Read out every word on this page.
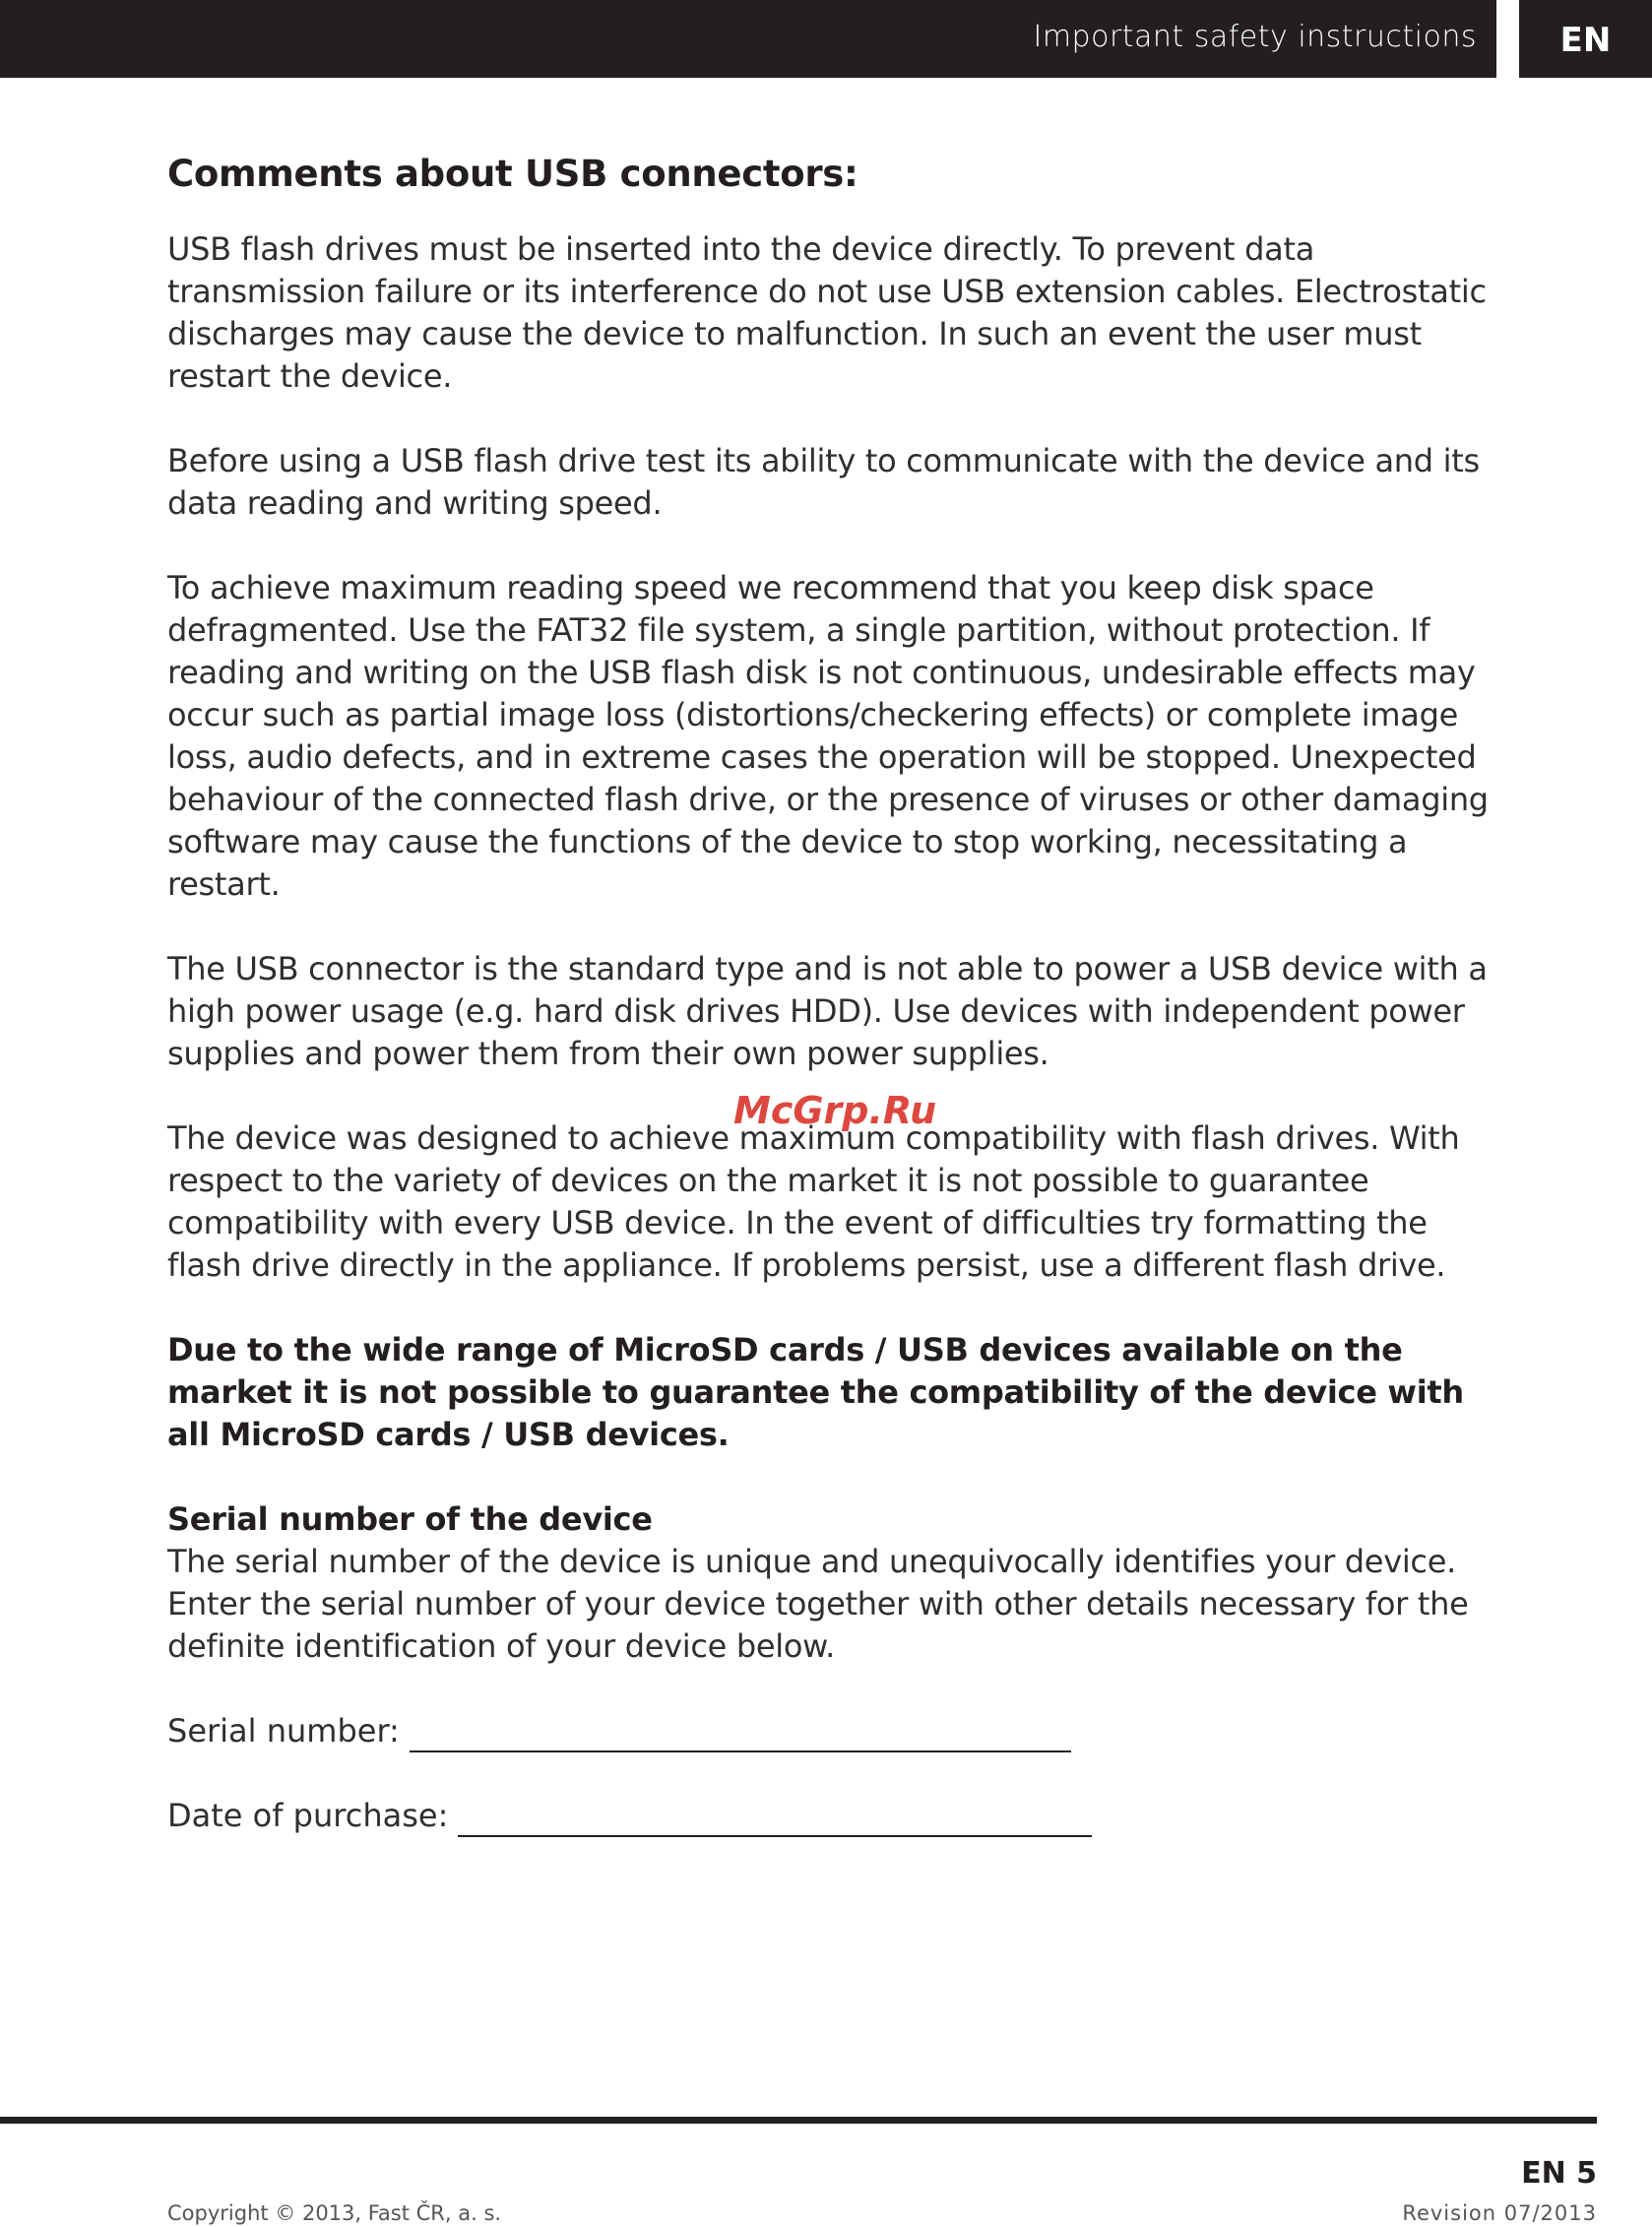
Important safety instructions	EN
Comments about USB connectors:

USB flash drives must be inserted into the device directly. To prevent data transmission failure or its interference do not use USB extension cables. Electrostatic discharges may cause the device to malfunction. In such an event the user must restart the device.

Before using a USB flash drive test its ability to communicate with the device and its data reading and writing speed.

To achieve maximum reading speed we recommend that you keep disk space defragmented. Use the FAT32 file system, a single partition, without protection. If reading and writing on the USB flash disk is not continuous, undesirable effects may occur such as partial image loss (distortions/checkering effects) or complete image loss, audio defects, and in extreme cases the operation will be stopped. Unexpected behaviour of the connected flash drive, or the presence of viruses or other damaging software may cause the functions of the device to stop working, necessitating a restart.

The USB connector is the standard type and is not able to power a USB device with a high power usage (e.g. hard disk drives HDD). Use devices with independent power supplies and power them from their own power supplies.

The device was designed to achieve maximum compatibility with flash drives. With respect to the variety of devices on the market it is not possible to guarantee compatibility with every USB device. In the event of difficulties try formatting the flash drive directly in the appliance. If problems persist, use a different flash drive.

Due to the wide range of MicroSD cards / USB devices available on the market it is not possible to guarantee the compatibility of the device with all MicroSD cards / USB devices.

Serial number of the device
The serial number of the device is unique and unequivocally identifies your device. Enter the serial number of your device together with other details necessary for the definite identification of your device below.

Serial number:
Date of purchase:
McGrp.Ru
EN 5
Copyright © 2013, Fast ČR, a. s.	Revision 07/2013
